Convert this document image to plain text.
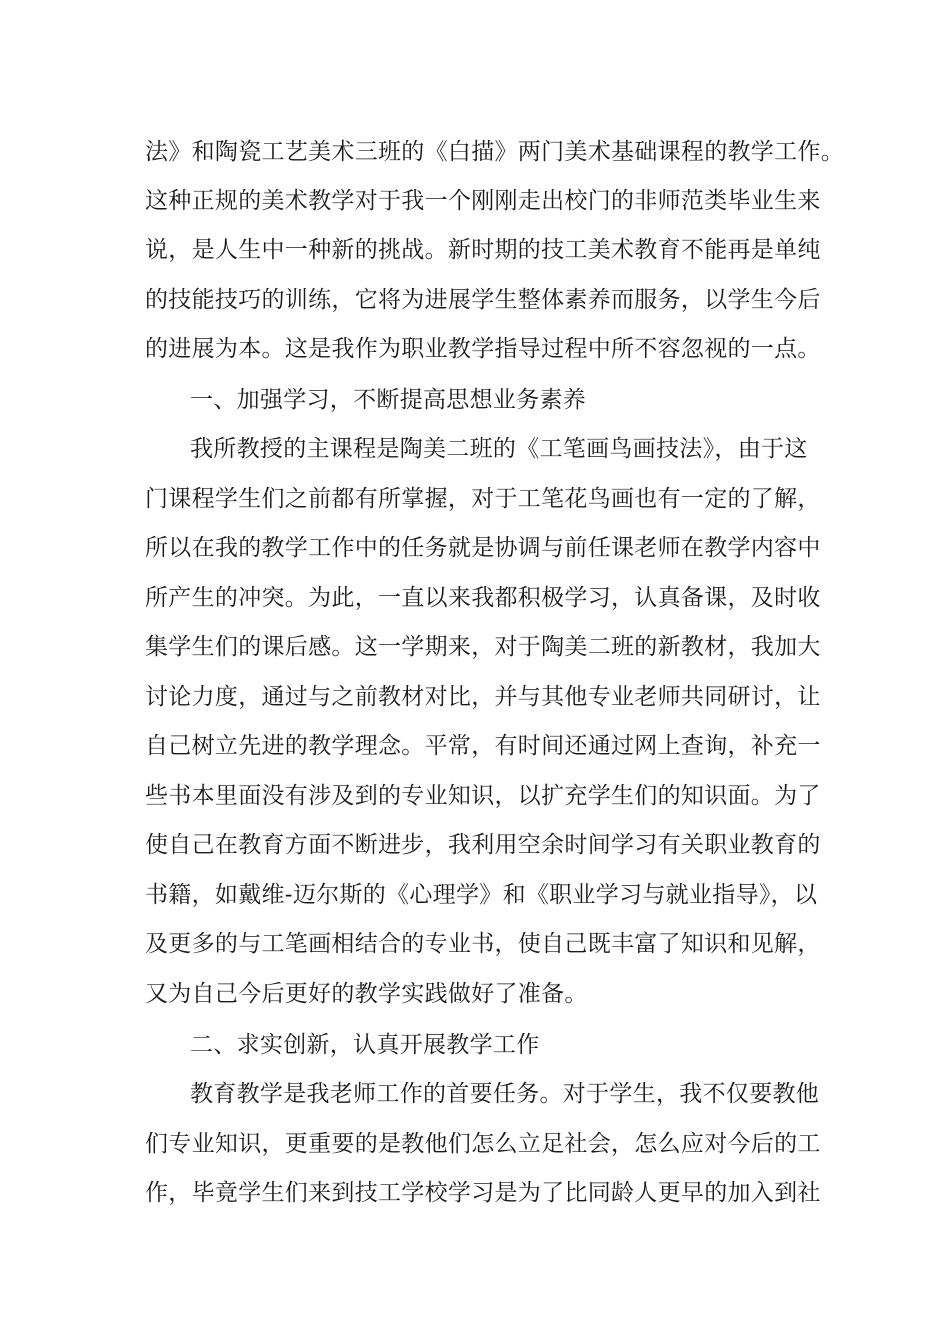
法》和陶瓷工艺美术三班的《白描》两门美术基础课程的教学工作。
这种正规的美术教学对于我一个刚刚走出校门的非师范类毕业生来
说，是人生中一种新的挑战。新时期的技工美术教育不能再是单纯
的技能技巧的训练，它将为进展学生整体素养而服务，以学生今后
的进展为本。这是我作为职业教学指导过程中所不容忽视的一点。
一、加强学习，不断提高思想业务素养
我所教授的主课程是陶美二班的《工笔画鸟画技法》，由于这
门课程学生们之前都有所掌握，对于工笔花鸟画也有一定的了解，
所以在我的教学工作中的任务就是协调与前任课老师在教学内容中
所产生的冲突。为此，一直以来我都积极学习，认真备课，及时收
集学生们的课后感。这一学期来，对于陶美二班的新教材，我加大
讨论力度，通过与之前教材对比，并与其他专业老师共同研讨，让
自己树立先进的教学理念。平常，有时间还通过网上查询，补充一
些书本里面没有涉及到的专业知识，以扩充学生们的知识面。为了
使自己在教育方面不断进步，我利用空余时间学习有关职业教育的
书籍，如戴维-迈尔斯的《心理学》和《职业学习与就业指导》，以
及更多的与工笔画相结合的专业书，使自己既丰富了知识和见解，
又为自己今后更好的教学实践做好了准备。
二、求实创新，认真开展教学工作
教育教学是我老师工作的首要任务。对于学生，我不仅要教他
们专业知识，更重要的是教他们怎么立足社会，怎么应对今后的工
作，毕竟学生们来到技工学校学习是为了比同龄人更早的加入到社
